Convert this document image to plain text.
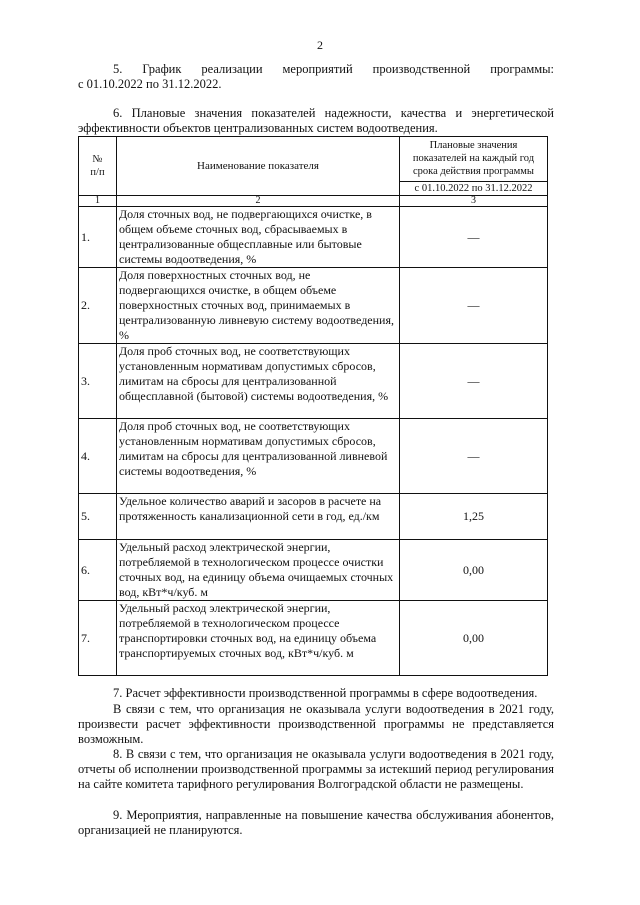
2

5. График реализации мероприятий производственной программы:

с 01.10.2022 по 31.12.2022.

6. Плановые значения показателей надежности, качества и энергетической

эффективности объектов централизованных систем водоотведения.

№
п/п	Наименование показателя	Плановые значения показателей на каждый год срока действия программы
		с 01.10.2022 по 31.12.2022
1	2	3
1.	Доля сточных вод, не подвергающихся очистке, в общем объеме сточных вод, сбрасываемых в централизованные общесплавные или бытовые системы водоотведения, %	—
2.	Доля поверхностных сточных вод, не подвергающихся очистке, в общем объеме поверхностных сточных вод, принимаемых в централизованную ливневую систему водоотведения, %	—
3.	Доля проб сточных вод, не соответствующих установленным нормативам допустимых сбросов, лимитам на сбросы для централизованной общесплавной (бытовой) системы водоотведения, %	—
4.	Доля проб сточных вод, не соответствующих установленным нормативам допустимых сбросов, лимитам на сбросы для централизованной ливневой системы водоотведения, %	—
5.	Удельное количество аварий и засоров в расчете на протяженность канализационной сети в год, ед./км	1,25
6.	Удельный расход электрической энергии, потребляемой в технологическом процессе очистки сточных вод, на единицу объема очищаемых сточных вод, кВт*ч/куб. м	0,00
7.	Удельный расход электрической энергии, потребляемой в технологическом процессе транспортировки сточных вод, на единицу объема транспортируемых сточных вод, кВт*ч/куб. м	0,00

7. Расчет эффективности производственной программы в сфере водоотведения.

В связи с тем, что организация не оказывала услуги водоотведения в 2021 году, произвести расчет эффективности производственной программы не представляется возможным.

8. В связи с тем, что организация не оказывала услуги водоотведения в 2021 году, отчеты об исполнении производственной программы за истекший период регулирования на сайте комитета тарифного регулирования Волгоградской области не размещены.

9. Мероприятия, направленные на повышение качества обслуживания абонентов, организацией не планируются.
